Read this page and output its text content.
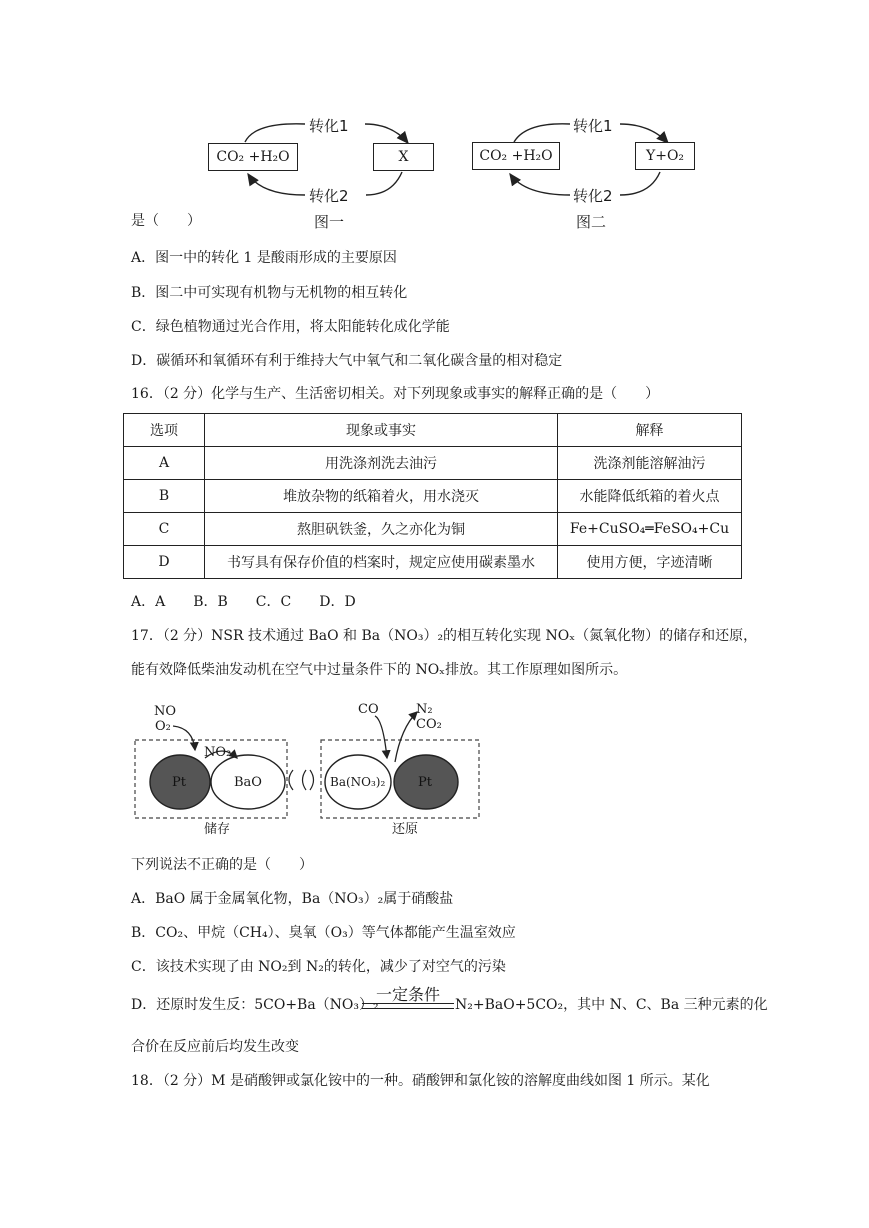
CO₂ +H₂O	X
转化1
转化2
图一
CO₂ +H₂O	Y+O₂
转化1
转化2
图二
是（　　）
A．图一中的转化 1 是酸雨形成的主要原因
B．图二中可实现有机物与无机物的相互转化
C．绿色植物通过光合作用，将太阳能转化成化学能
D．碳循环和氧循环有利于维持大气中氧气和二氧化碳含量的相对稳定
16．（2 分）化学与生产、生活密切相关。对下列现象或事实的解释正确的是（　　）
选项	现象或事实	解释
A	用洗涤剂洗去油污	洗涤剂能溶解油污
B	堆放杂物的纸箱着火，用水浇灭	水能降低纸箱的着火点
C	熬胆矾铁釜，久之亦化为铜	Fe+CuSO₄═FeSO₄+Cu
D	书写具有保存价值的档案时，规定应使用碳素墨水	使用方便，字迹清晰
A．A　　B．B　　C．C　　D．D
17．（2 分）NSR 技术通过 BaO 和 Ba（NO₃）₂的相互转化实现 NOₓ（氮氧化物）的储存和还原，
能有效降低柴油发动机在空气中过量条件下的 NOₓ排放。其工作原理如图所示。
NO
O₂
NO₂
Pt	BaO
储存
CO	N₂
CO₂
Ba(NO₃)₂	Pt
还原
下列说法不正确的是（　　）
A．BaO 属于金属氧化物，Ba（NO₃）₂属于硝酸盐
B．CO₂、甲烷（CH₄）、臭氧（O₃）等气体都能产生温室效应
C．该技术实现了由 NO₂到 N₂的转化，减少了对空气的污染
D．还原时发生反：5CO+Ba（NO₃）₂
一定条件
N₂+BaO+5CO₂，其中 N、C、Ba 三种元素的化
合价在反应前后均发生改变
18．（2 分）M 是硝酸钾或氯化铵中的一种。硝酸钾和氯化铵的溶解度曲线如图 1 所示。某化
